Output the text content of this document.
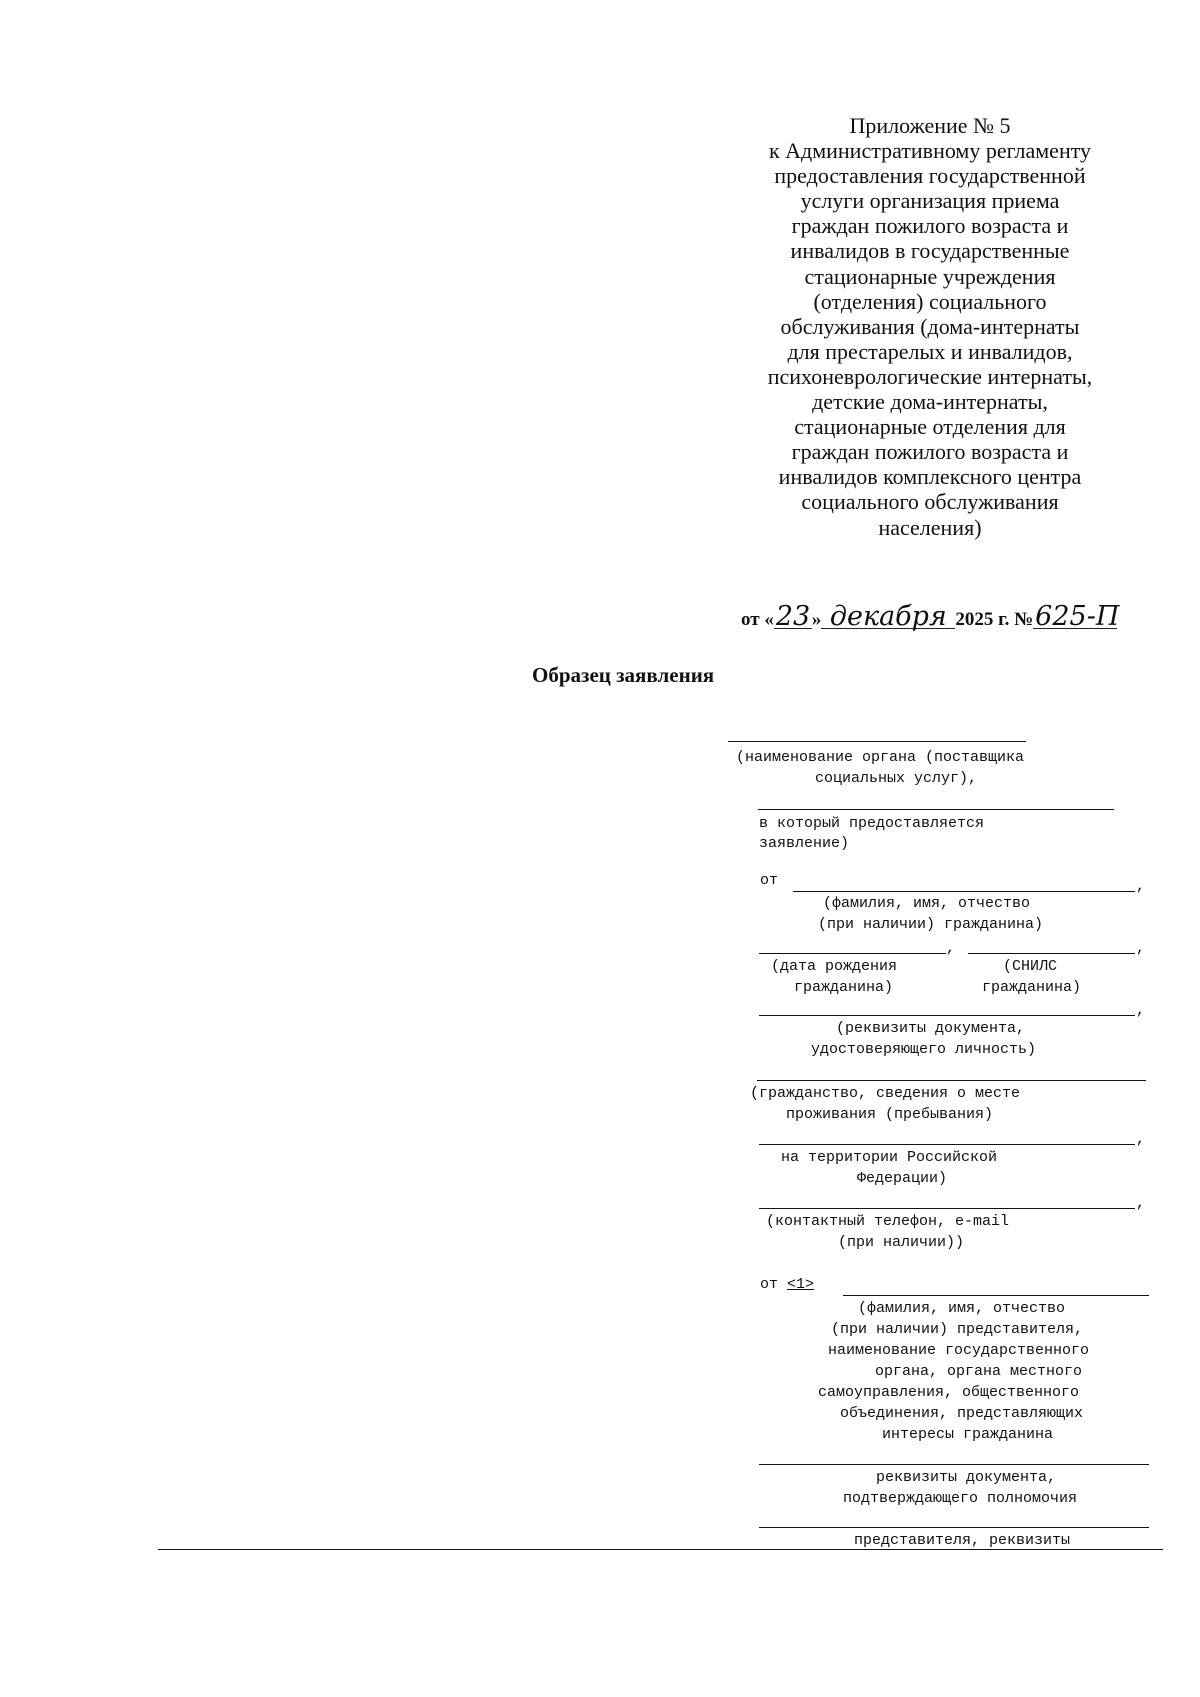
Приложение № 5
к Административному регламенту
предоставления государственной
услуги организация приема
граждан пожилого возраста и
инвалидов в государственные
стационарные учреждения
(отделения) социального
обслуживания (дома-интернаты
для престарелых и инвалидов,
психоневрологические интернаты,
детские дома-интернаты,
стационарные отделения для
граждан пожилого возраста и
инвалидов комплексного центра
социального обслуживания
населения)
от «23» декабря 2025 г. №625-П
Образец заявления
(наименование органа (поставщика
социальных услуг),
в который предоставляется
заявление)
от	,
(фамилия, имя, отчество
(при наличии) гражданина)
,	,
(дата рождения
гражданина)
(СНИЛС
гражданина)
,
(реквизиты документа,
удостоверяющего личность)
(гражданство, сведения о месте
проживания (пребывания)
,
на территории Российской
Федерации)
,
(контактный телефон, e-mail
(при наличии))
от <1>
(фамилия, имя, отчество
(при наличии) представителя,
наименование государственного
органа, органа местного
самоуправления, общественного
объединения, представляющих
интересы гражданина
реквизиты документа,
подтверждающего полномочия
представителя, реквизиты
